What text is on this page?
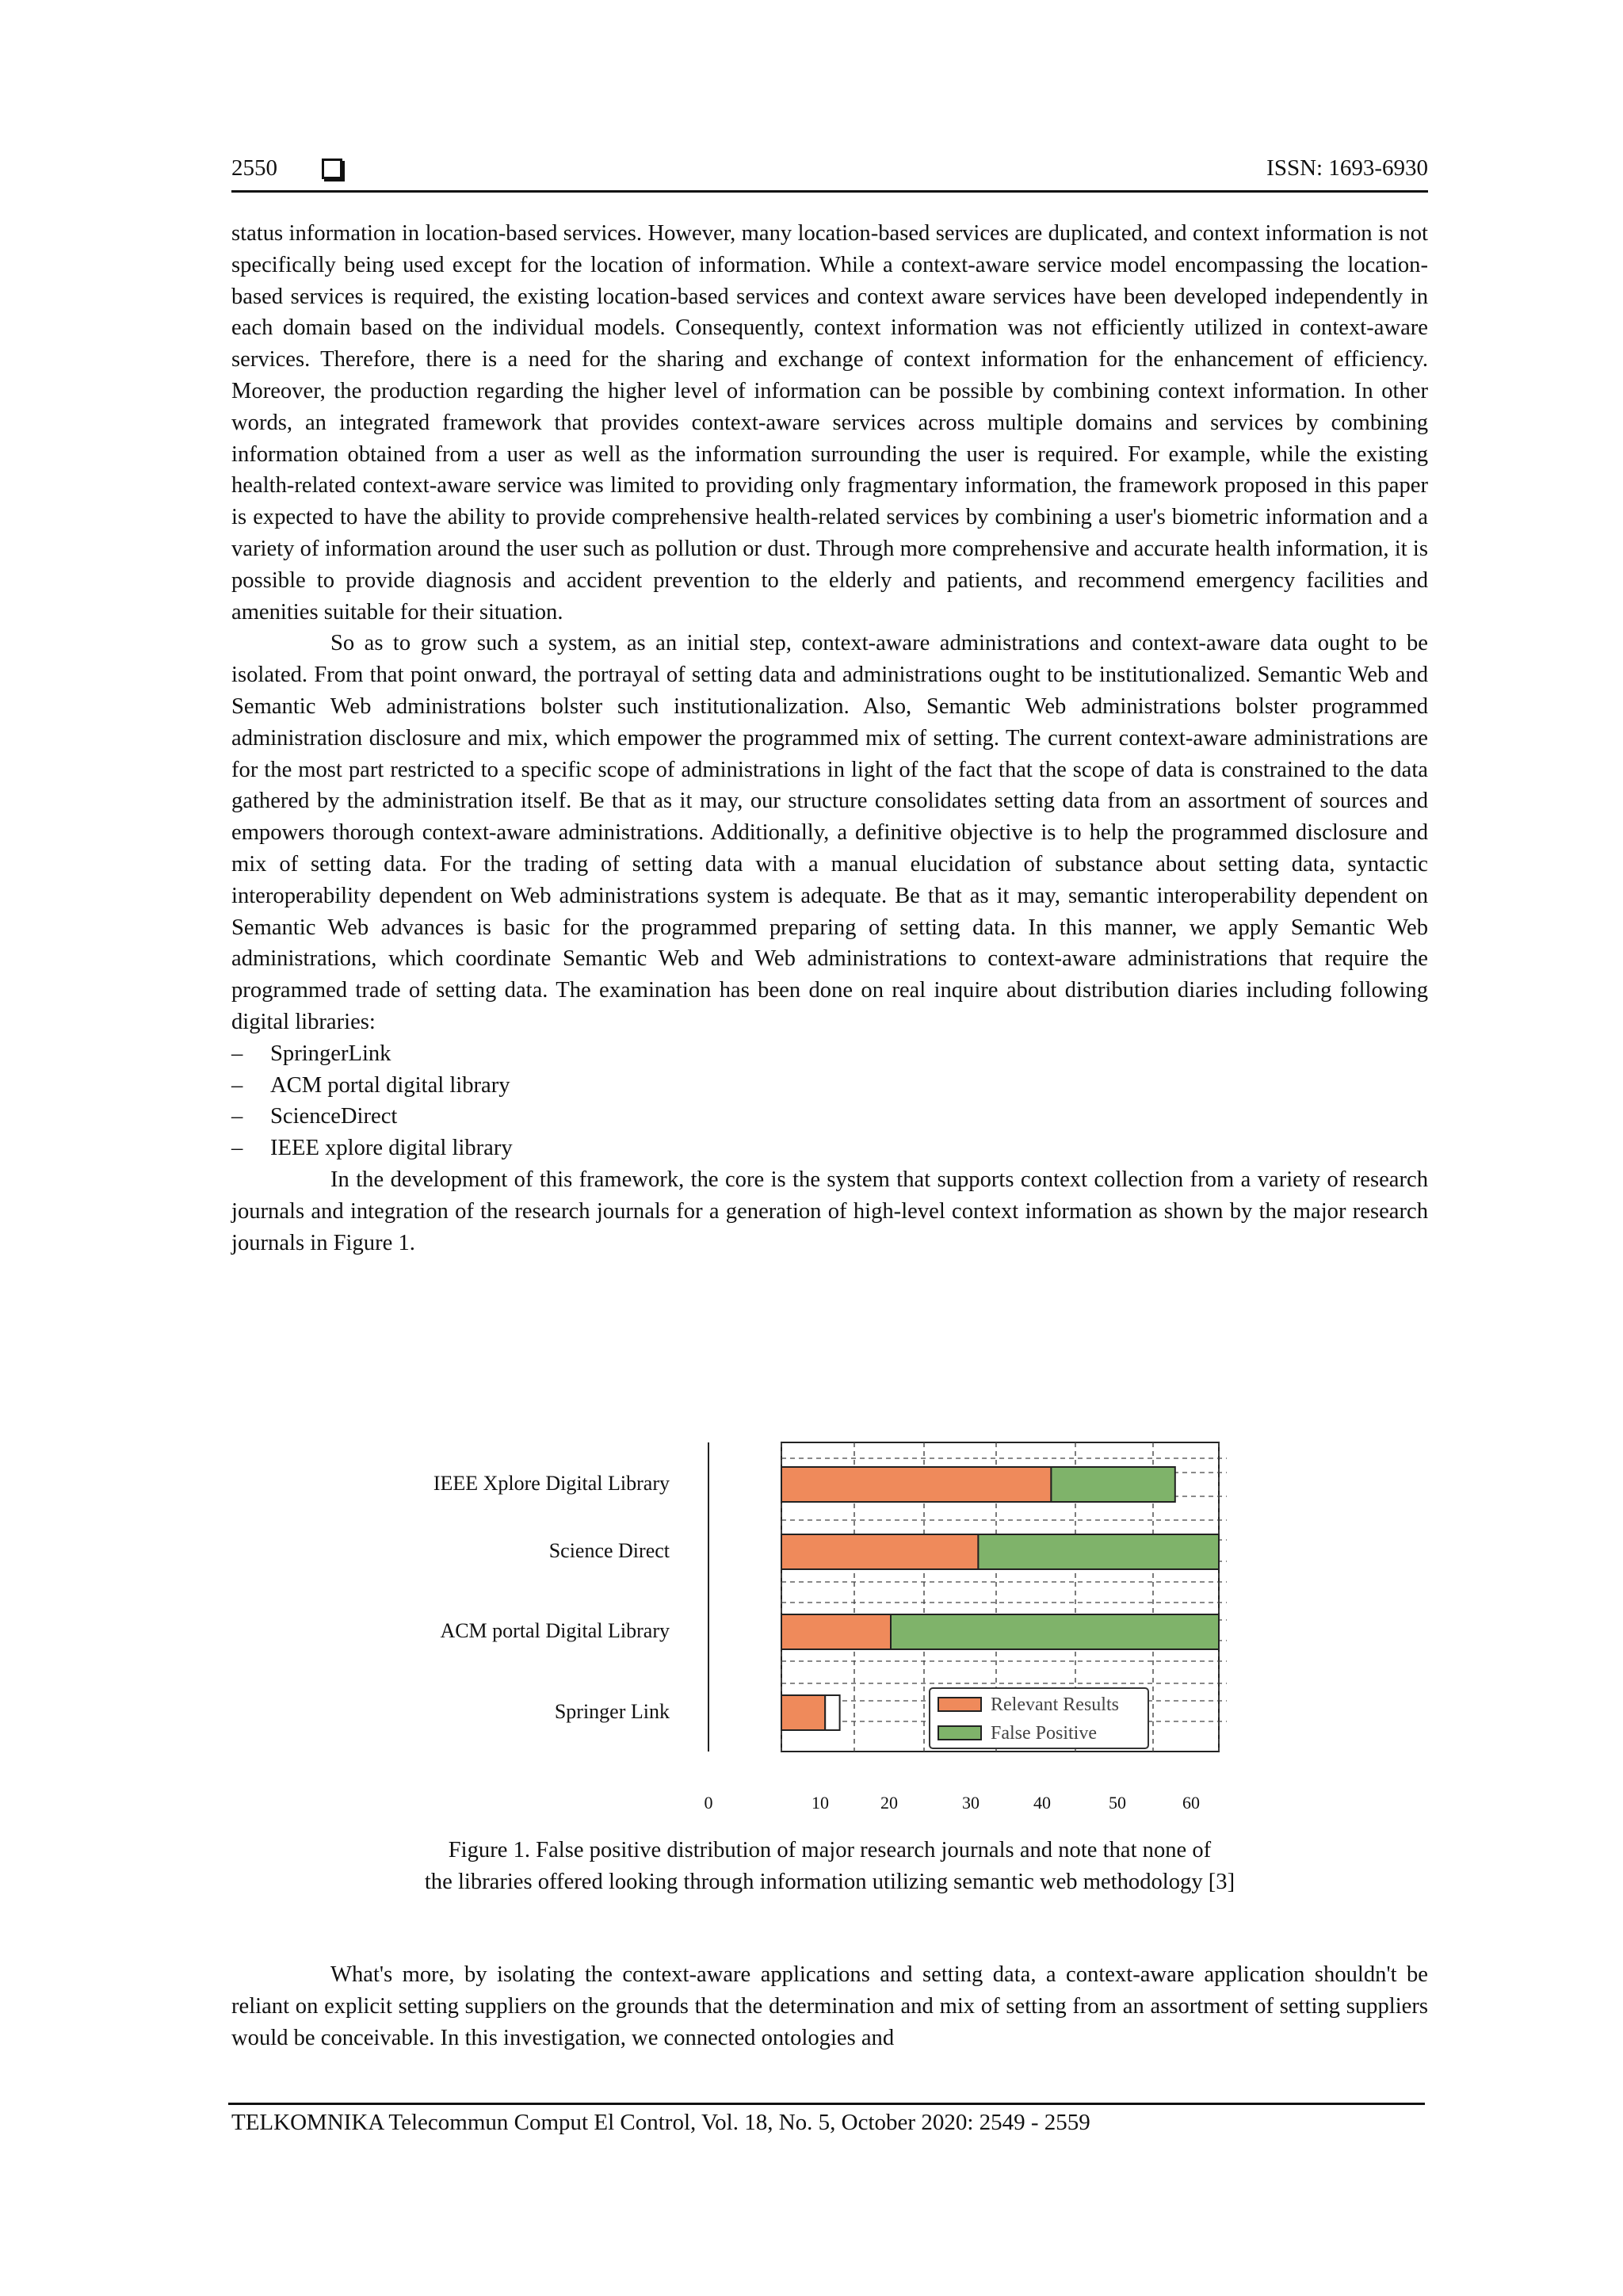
2550	ISSN: 1693-6930

status information in location-based services. However, many location-based services are duplicated, and context information is not specifically being used except for the location of information. While a context-aware service model encompassing the location-based services is required, the existing location-based services and context aware services have been developed independently in each domain based on the individual models. Consequently, context information was not efficiently utilized in context-aware services. Therefore, there is a need for the sharing and exchange of context information for the enhancement of efficiency. Moreover, the production regarding the higher level of information can be possible by combining context information. In other words, an integrated framework that provides context-aware services across multiple domains and services by combining information obtained from a user as well as the information surrounding the user is required. For example, while the existing health-related context-aware service was limited to providing only fragmentary information, the framework proposed in this paper is expected to have the ability to provide comprehensive health-related services by combining a user's biometric information and a variety of information around the user such as pollution or dust. Through more comprehensive and accurate health information, it is possible to provide diagnosis and accident prevention to the elderly and patients, and recommend emergency facilities and amenities suitable for their situation.

So as to grow such a system, as an initial step, context-aware administrations and context-aware data ought to be isolated. From that point onward, the portrayal of setting data and administrations ought to be institutionalized. Semantic Web and Semantic Web administrations bolster such institutionalization. Also, Semantic Web administrations bolster programmed administration disclosure and mix, which empower the programmed mix of setting. The current context-aware administrations are for the most part restricted to a specific scope of administrations in light of the fact that the scope of data is constrained to the data gathered by the administration itself. Be that as it may, our structure consolidates setting data from an assortment of sources and empowers thorough context-aware administrations. Additionally, a definitive objective is to help the programmed disclosure and mix of setting data. For the trading of setting data with a manual elucidation of substance about setting data, syntactic interoperability dependent on Web administrations system is adequate. Be that as it may, semantic interoperability dependent on Semantic Web advances is basic for the programmed preparing of setting data. In this manner, we apply Semantic Web administrations, which coordinate Semantic Web and Web administrations to context-aware administrations that require the programmed trade of setting data. The examination has been done on real inquire about distribution diaries including following digital libraries:

– SpringerLink
– ACM portal digital library
– ScienceDirect
– IEEE xplore digital library

In the development of this framework, the core is the system that supports context collection from a variety of research journals and integration of the research journals for a generation of high-level context information as shown by the major research journals in Figure 1.

IEEE Xplore Digital Library
Science Direct
ACM portal Digital Library
Springer Link
0	10	20	30	40	50	60
Relevant Results
False Positive
Figure 1. False positive distribution of major research journals and note that none of
the libraries offered looking through information utilizing semantic web methodology [3]

What's more, by isolating the context-aware applications and setting data, a context-aware application shouldn't be reliant on explicit setting suppliers on the grounds that the determination and mix of setting from an assortment of setting suppliers would be conceivable. In this investigation, we connected ontologies and

TELKOMNIKA Telecommun Comput El Control, Vol. 18, No. 5, October 2020: 2549 - 2559
